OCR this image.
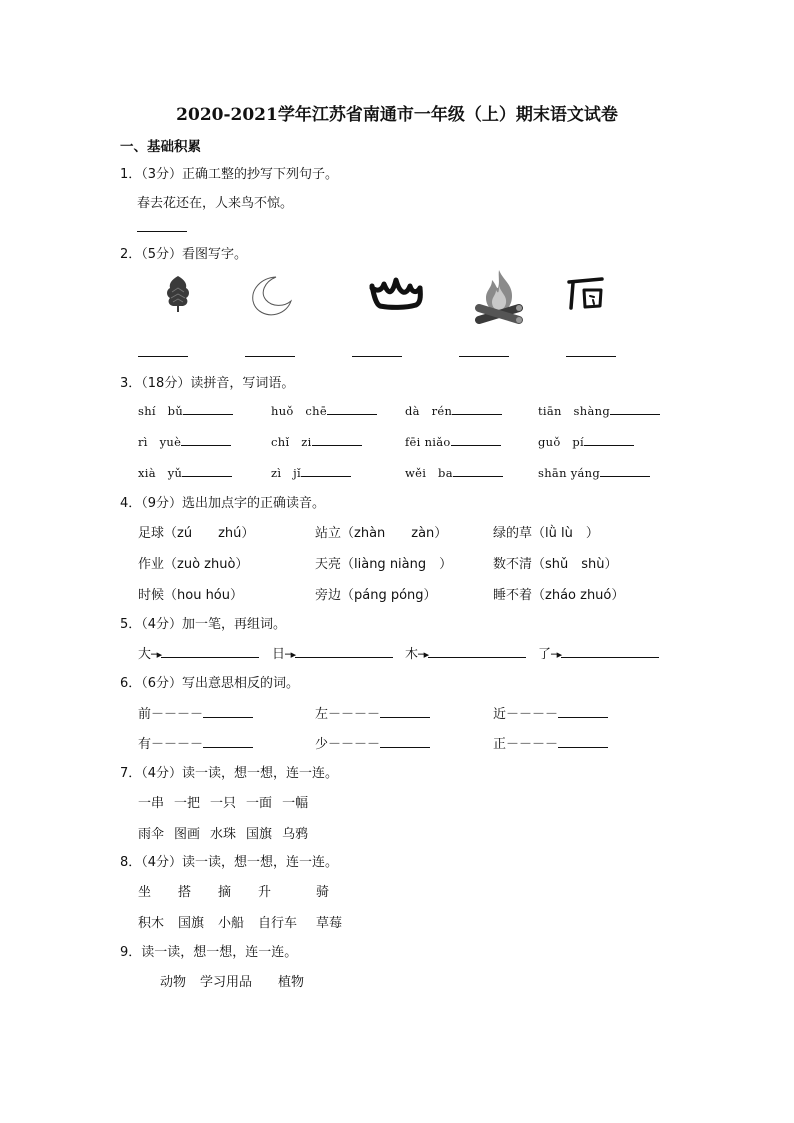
2020-2021学年江苏省南通市一年级（上）期末语文试卷
一、基础积累
1．（3分）正确工整的抄写下列句子。
春去花还在，人来鸟不惊。
2．（5分）看图写字。
3．（18分）读拼音，写词语。
shí　bǔ	huǒ　chē	dà　rén	tiān　shàng
rì　yuè	chǐ　zi	fēi niǎo	guǒ　pí
xià　yǔ	zì　jǐ	wěi　ba	shān yáng
4．（9分）选出加点字的正确读音。
足球（zú　　zhú）	站立（zhàn　　zàn）	绿的草（lǜ lù　）
作业（zuò zhuò）	天亮（liàng niàng　）	数不清（shǔ　shù）
时候（hou hóu）	旁边（páng póng）	睡不着（zháo zhuó）
5．（4分）加一笔，再组词。
大─▸	日─▸	木─▸	了─▸
6．（6分）写出意思相反的词。
前－－－－	左－－－－	近－－－－
有－－－－	少－－－－	正－－－－
7．（4分）读一读，想一想，连一连。
一串 一把 一只 一面 一幅
雨伞 图画 水珠 国旗 乌鸦
8．（4分）读一读，想一想，连一连。
坐 搭 摘 升	骑
积木 国旗 小船 自行车 草莓
9．读一读，想一想，连一连。
动物 学习用品 植物
